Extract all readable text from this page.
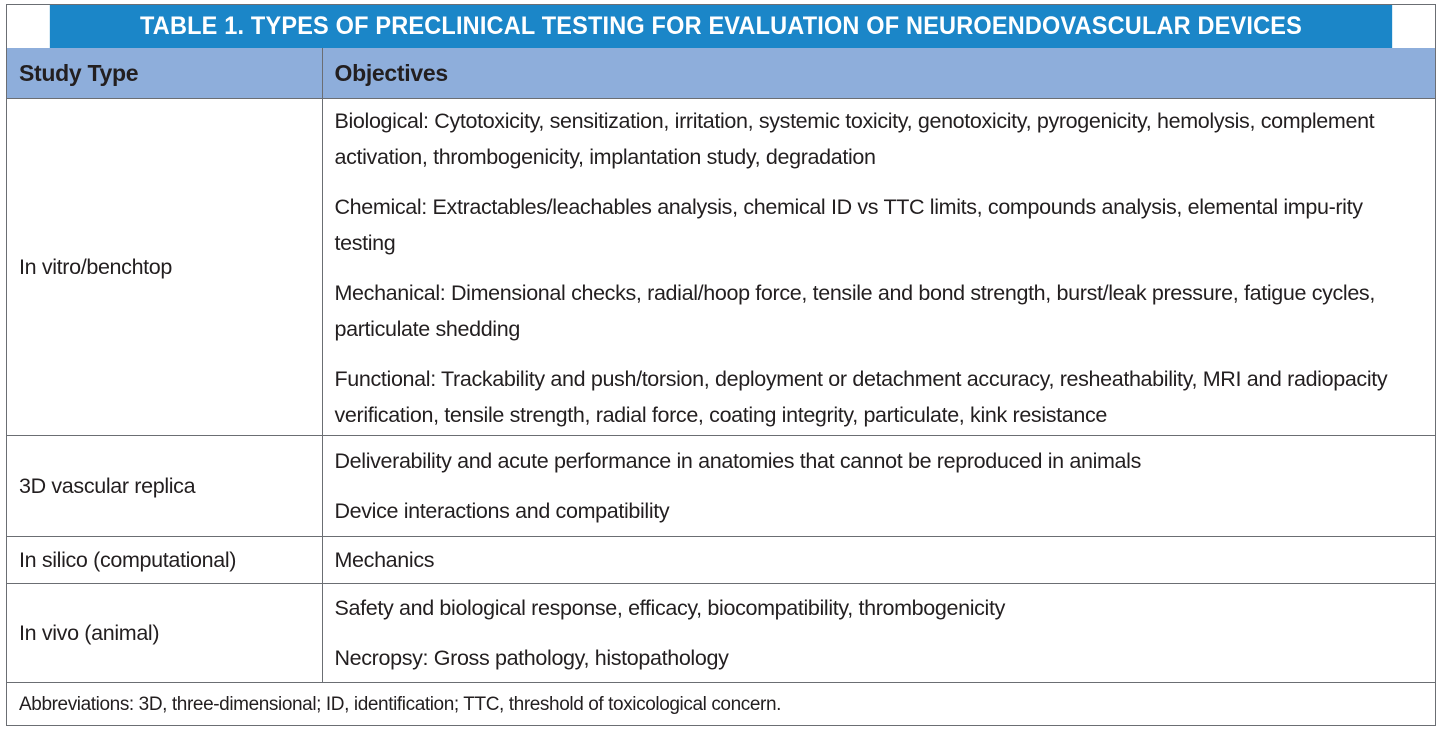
TABLE 1. TYPES OF PRECLINICAL TESTING FOR EVALUATION OF NEUROENDOVASCULAR DEVICES
Study Type	Objectives
In vitro/benchtop	Biological: Cytotoxicity, sensitization, irritation, systemic toxicity, genotoxicity, pyrogenicity, hemolysis, complement activation, thrombogenicity, implantation study, degradation

Chemical: Extractables/leachables analysis, chemical ID vs TTC limits, compounds analysis, elemental impu-rity testing

Mechanical: Dimensional checks, radial/hoop force, tensile and bond strength, burst/leak pressure, fatigue cycles, particulate shedding

Functional: Trackability and push/torsion, deployment or detachment accuracy, resheathability, MRI and radiopacity verification, tensile strength, radial force, coating integrity, particulate, kink resistance

3D vascular replica	Deliverability and acute performance in anatomies that cannot be reproduced in animals

Device interactions and compatibility

In silico (computational)	Mechanics

In vivo (animal)	Safety and biological response, efficacy, biocompatibility, thrombogenicity

Necropsy: Gross pathology, histopathology

Abbreviations: 3D, three-dimensional; ID, identification; TTC, threshold of toxicological concern.	
